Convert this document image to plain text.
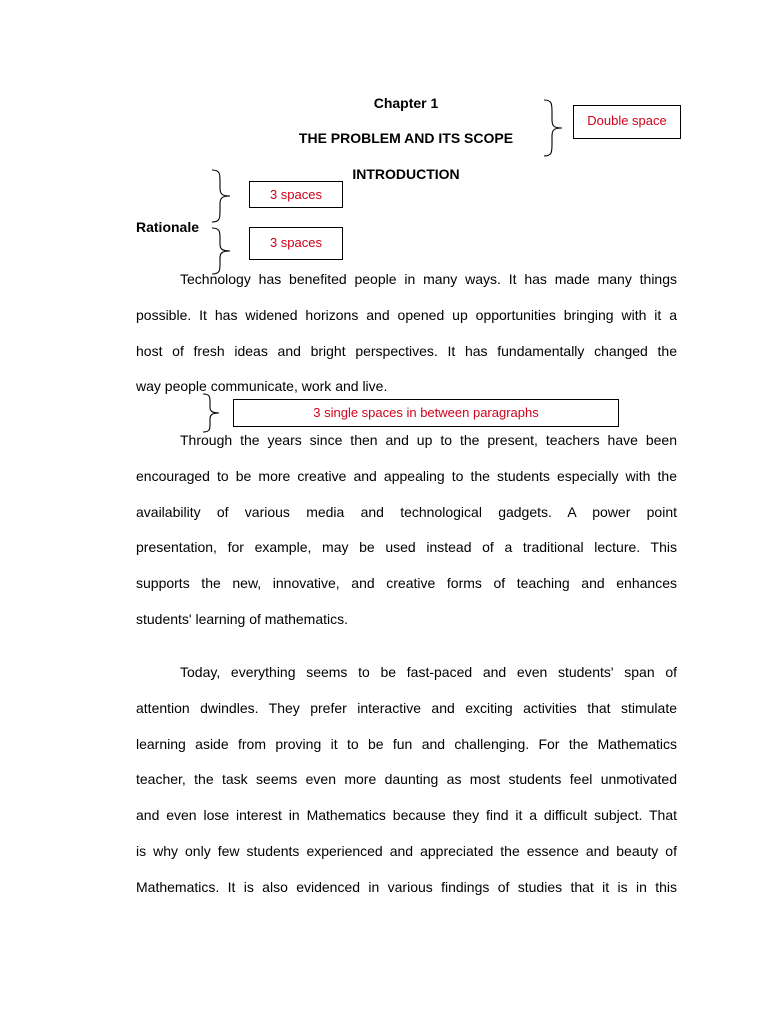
Chapter 1
THE PROBLEM AND ITS SCOPE
INTRODUCTION
Rationale
Double space
3 spaces
3 spaces
Technology has benefited people in many ways. It has made many things
possible. It has widened horizons and opened up opportunities bringing with it a
host of fresh ideas and bright perspectives. It has fundamentally changed the
way people communicate, work and live.
3 single spaces in between paragraphs
Through the years since then and up to the present, teachers have been
encouraged to be more creative and appealing to the students especially with the
availability of various media and technological gadgets. A power point
presentation, for example, may be used instead of a traditional lecture. This
supports the new, innovative, and creative forms of teaching and enhances
students' learning of mathematics.
Today, everything seems to be fast-paced and even students' span of
attention dwindles. They prefer interactive and exciting activities that stimulate
learning aside from proving it to be fun and challenging. For the Mathematics
teacher, the task seems even more daunting as most students feel unmotivated
and even lose interest in Mathematics because they find it a difficult subject. That
is why only few students experienced and appreciated the essence and beauty of
Mathematics. It is also evidenced in various findings of studies that it is in this
